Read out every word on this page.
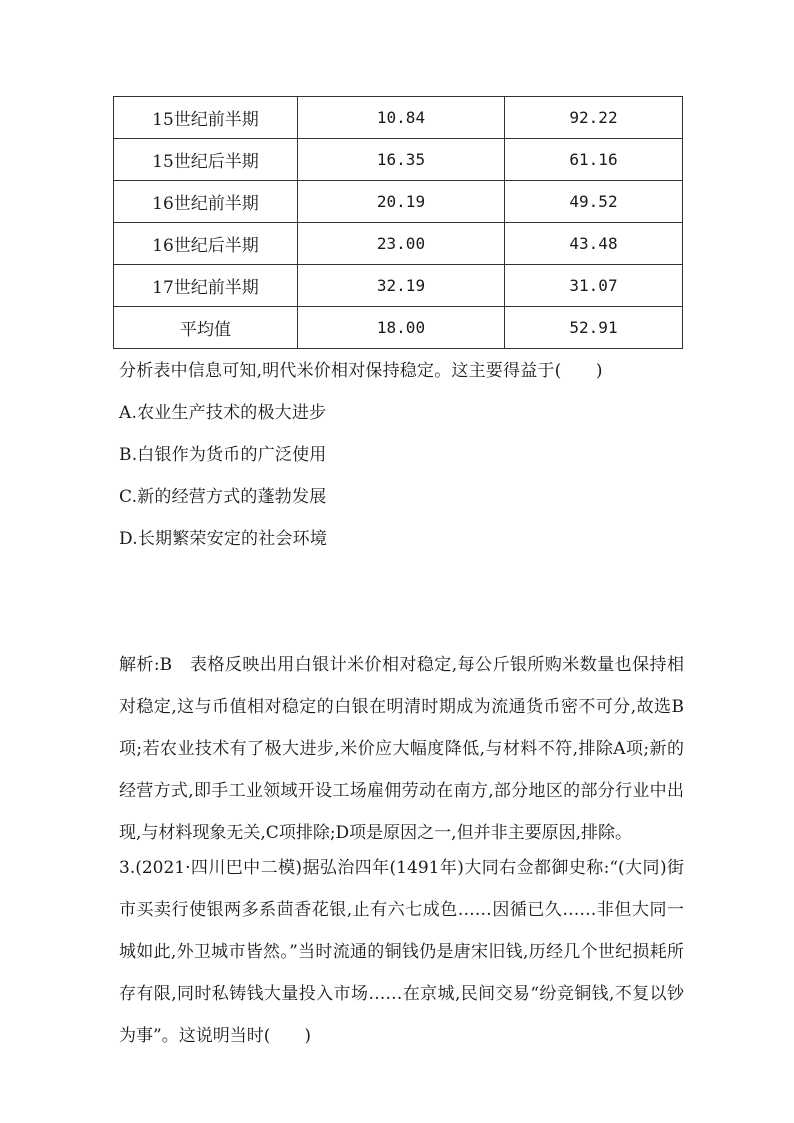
15世纪前半期	10.84	92.22
15世纪后半期	16.35	61.16
16世纪前半期	20.19	49.52
16世纪后半期	23.00	43.48
17世纪前半期	32.19	31.07
平均值	18.00	52.91
分析表中信息可知,明代米价相对保持稳定。这主要得益于(　　)
A.农业生产技术的极大进步
B.白银作为货币的广泛使用
C.新的经营方式的蓬勃发展
D.长期繁荣安定的社会环境
解析:B　表格反映出用白银计米价相对稳定,每公斤银所购米数量也保持相对稳定,这与币值相对稳定的白银在明清时期成为流通货币密不可分,故选B项;若农业技术有了极大进步,米价应大幅度降低,与材料不符,排除A项;新的经营方式,即手工业领域开设工场雇佣劳动在南方,部分地区的部分行业中出现,与材料现象无关,C项排除;D项是原因之一,但并非主要原因,排除。
3.(2021·四川巴中二模)据弘治四年(1491年)大同右佥都御史称:“(大同)街市买卖行使银两多系茴香花银,止有六七成色……因循已久……非但大同一城如此,外卫城市皆然。”当时流通的铜钱仍是唐宋旧钱,历经几个世纪损耗所存有限,同时私铸钱大量投入市场……在京城,民间交易“纷竞铜钱,不复以钞为事”。这说明当时(　　)
